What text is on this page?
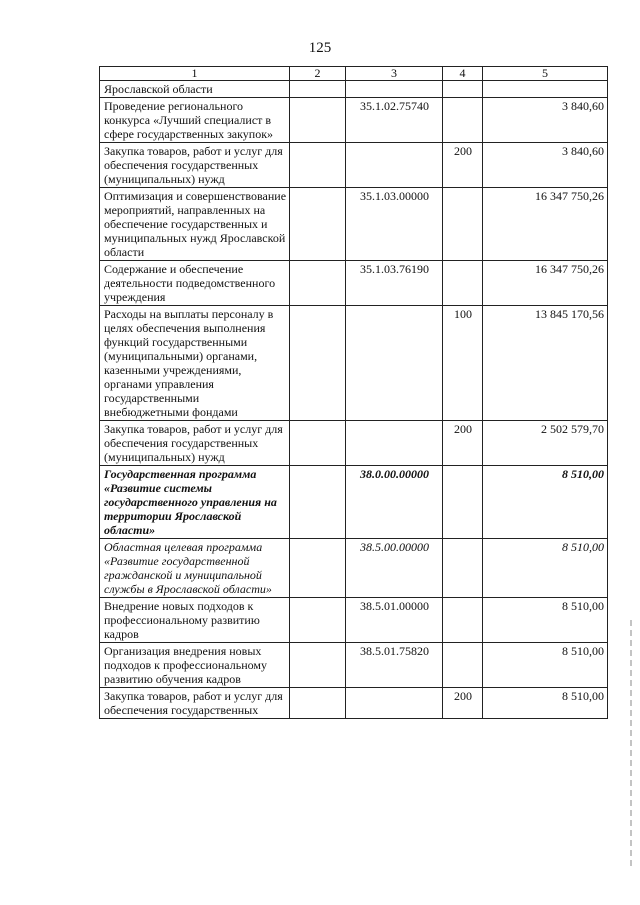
125
1	2	3	4	5
Ярославской области				
Проведение регионального конкурса «Лучший специалист в сфере государственных закупок»		35.1.02.75740		3 840,60
Закупка товаров, работ и услуг для обеспечения государственных (муниципальных) нужд			200	3 840,60
Оптимизация и совершенствование мероприятий, направленных на обеспечение государственных и муниципальных нужд Ярославской области		35.1.03.00000		16 347 750,26
Содержание и обеспечение деятельности подведомственного учреждения		35.1.03.76190		16 347 750,26
Расходы на выплаты персоналу в целях обеспечения выполнения функций государственными (муниципальными) органами, казенными учреждениями, органами управления государственными внебюджетными фондами			100	13 845 170,56
Закупка товаров, работ и услуг для обеспечения государственных (муниципальных) нужд			200	2 502 579,70
Государственная программа «Развитие системы государственного управления на территории Ярославской области»		38.0.00.00000		8 510,00
Областная целевая программа «Развитие государственной гражданской и муниципальной службы в Ярославской области»		38.5.00.00000		8 510,00
Внедрение новых подходов к профессиональному развитию кадров		38.5.01.00000		8 510,00
Организация внедрения новых подходов к профессиональному развитию обучения кадров		38.5.01.75820		8 510,00
Закупка товаров, работ и услуг для обеспечения государственных			200	8 510,00
